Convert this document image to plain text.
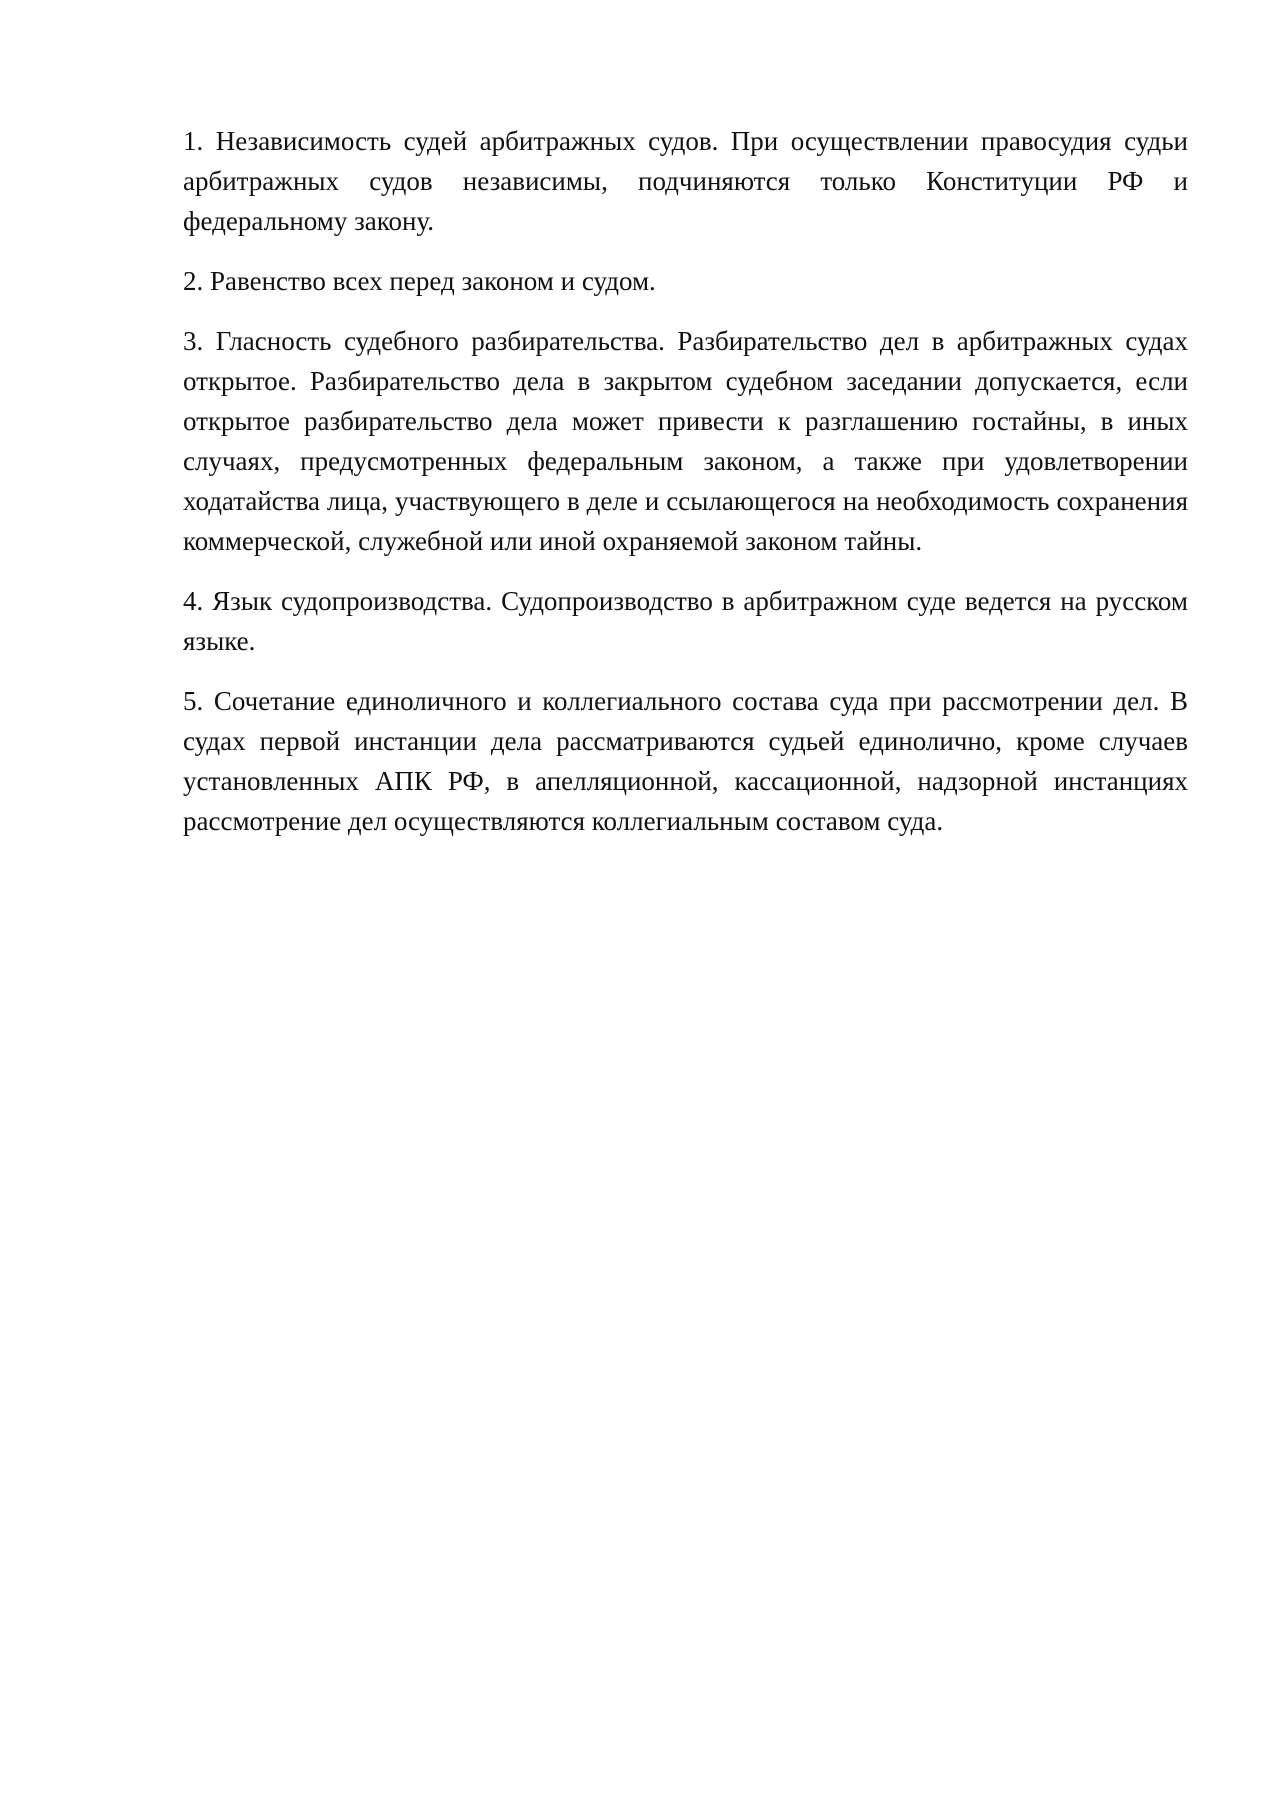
1. Независимость судей арбитражных судов. При осуществлении правосудия судьи арбитражных судов независимы, подчиняются только Конституции РФ и федеральному закону.

2. Равенство всех перед законом и судом.

3. Гласность судебного разбирательства. Разбирательство дел в арбитражных судах открытое. Разбирательство дела в закрытом судебном заседании допускается, если открытое разбирательство дела может привести к разглашению гостайны, в иных случаях, предусмотренных федеральным законом, а также при удовлетворении ходатайства лица, участвующего в деле и ссылающегося на необходимость сохранения коммерческой, служебной или иной охраняемой законом тайны.

4. Язык судопроизводства. Судопроизводство в арбитражном суде ведется на русском языке.

5. Сочетание единоличного и коллегиального состава суда при рассмотрении дел. В судах первой инстанции дела рассматриваются судьей единолично, кроме случаев установленных АПК РФ, в апелляционной, кассационной, надзорной инстанциях рассмотрение дел осуществляются коллегиальным составом суда.
